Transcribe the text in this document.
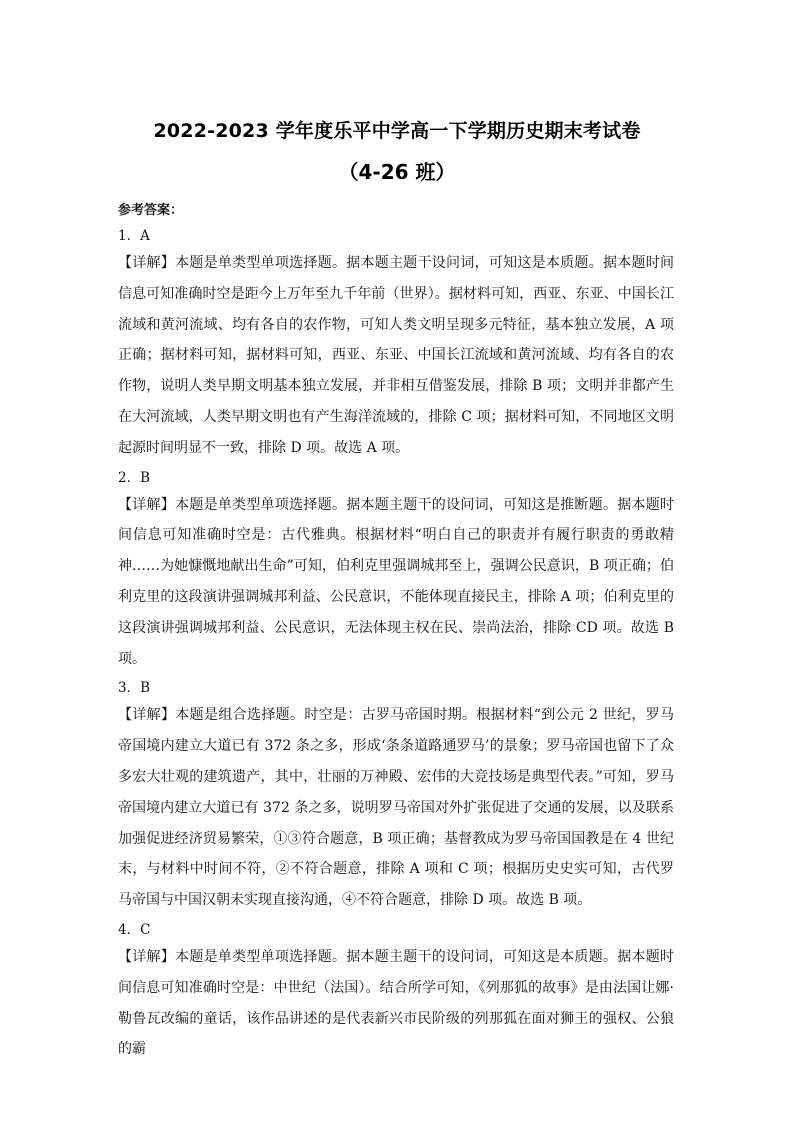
2022-2023 学年度乐平中学高一下学期历史期末考试卷
（4-26 班）
参考答案：
1．A

【详解】本题是单类型单项选择题。据本题主题干设问词，可知这是本质题。据本题时间信息可知准确时空是距今上万年至九千年前（世界）。据材料可知，西亚、东亚、中国长江流域和黄河流域、均有各自的农作物，可知人类文明呈现多元特征，基本独立发展，A 项正确；据材料可知，据材料可知，西亚、东亚、中国长江流域和黄河流域、均有各自的农作物，说明人类早期文明基本独立发展，并非相互借鉴发展，排除 B 项；文明并非都产生在大河流域，人类早期文明也有产生海洋流域的，排除 C 项；据材料可知，不同地区文明起源时间明显不一致，排除 D 项。故选 A 项。

2．B

【详解】本题是单类型单项选择题。据本题主题干的设问词，可知这是推断题。据本题时间信息可知准确时空是：古代雅典。根据材料“明白自己的职责并有履行职责的勇敢精神……为她慷慨地献出生命”可知，伯利克里强调城邦至上，强调公民意识，B 项正确；伯利克里的这段演讲强调城邦利益、公民意识，不能体现直接民主，排除 A 项；伯利克里的这段演讲强调城邦利益、公民意识，无法体现主权在民、崇尚法治，排除 CD 项。故选 B 项。

3．B

【详解】本题是组合选择题。时空是：古罗马帝国时期。根据材料“到公元 2 世纪，罗马帝国境内建立大道已有 372 条之多，形成‘条条道路通罗马’的景象；罗马帝国也留下了众多宏大壮观的建筑遗产，其中，壮丽的万神殿、宏伟的大竞技场是典型代表。”可知，罗马帝国境内建立大道已有 372 条之多，说明罗马帝国对外扩张促进了交通的发展，以及联系加强促进经济贸易繁荣，①③符合题意，B 项正确；基督教成为罗马帝国国教是在 4 世纪末，与材料中时间不符，②不符合题意，排除 A 项和 C 项；根据历史史实可知，古代罗马帝国与中国汉朝未实现直接沟通，④不符合题意，排除 D 项。故选 B 项。

4．C

【详解】本题是单类型单项选择题。据本题主题干的设问词，可知这是本质题。据本题时间信息可知准确时空是：中世纪（法国）。结合所学可知，《列那狐的故事》是由法国让娜·勒鲁瓦改编的童话，该作品讲述的是代表新兴市民阶级的列那狐在面对狮王的强权、公狼的霸
